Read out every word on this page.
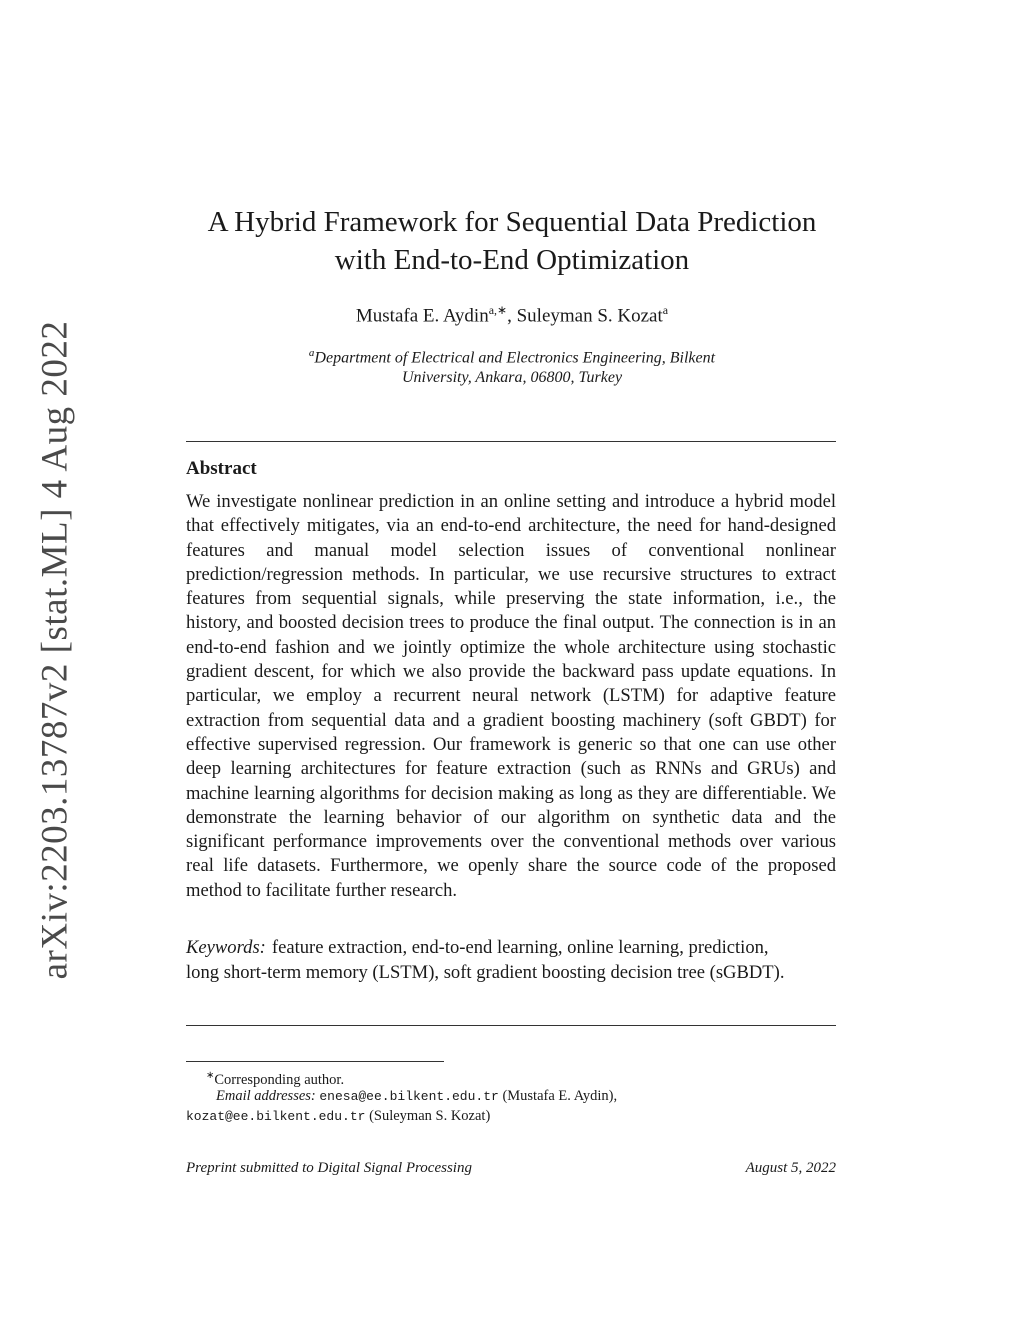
arXiv:2203.13787v2 [stat.ML] 4 Aug 2022
A Hybrid Framework for Sequential Data Prediction
with End-to-End Optimization
Mustafa E. Aydin$^{a,∗}$, Suleyman S. Kozat$^a$
$^a$Department of Electrical and Electronics Engineering, Bilkent
University, Ankara, 06800, Turkey
Abstract

We investigate nonlinear prediction in an online setting and introduce a hybrid model that effectively mitigates, via an end-to-end architecture, the need for hand-designed features and manual model selection issues of conventional nonlinear prediction/regression methods. In particular, we use recursive structures to extract features from sequential signals, while preserving the state information, i.e., the history, and boosted decision trees to produce the final output. The connection is in an end-to-end fashion and we jointly optimize the whole architecture using stochastic gradient descent, for which we also provide the backward pass update equations. In particular, we employ a recurrent neural network (LSTM) for adaptive feature extraction from sequential data and a gradient boosting machinery (soft GBDT) for effective supervised regression. Our framework is generic so that one can use other deep learning architectures for feature extraction (such as RNNs and GRUs) and machine learning algorithms for decision making as long as they are differentiable. We demonstrate the learning behavior of our algorithm on synthetic data and the significant performance improvements over the conventional methods over various real life datasets. Furthermore, we openly share the source code of the proposed method to facilitate further research.

Keywords: feature extraction, end-to-end learning, online learning, prediction, long short-term memory (LSTM), soft gradient boosting decision tree (sGBDT).

∗Corresponding author.
Email addresses: enesa@ee.bilkent.edu.tr (Mustafa E. Aydin),
kozat@ee.bilkent.edu.tr (Suleyman S. Kozat)
Preprint submitted to Digital Signal Processing	August 5, 2022
